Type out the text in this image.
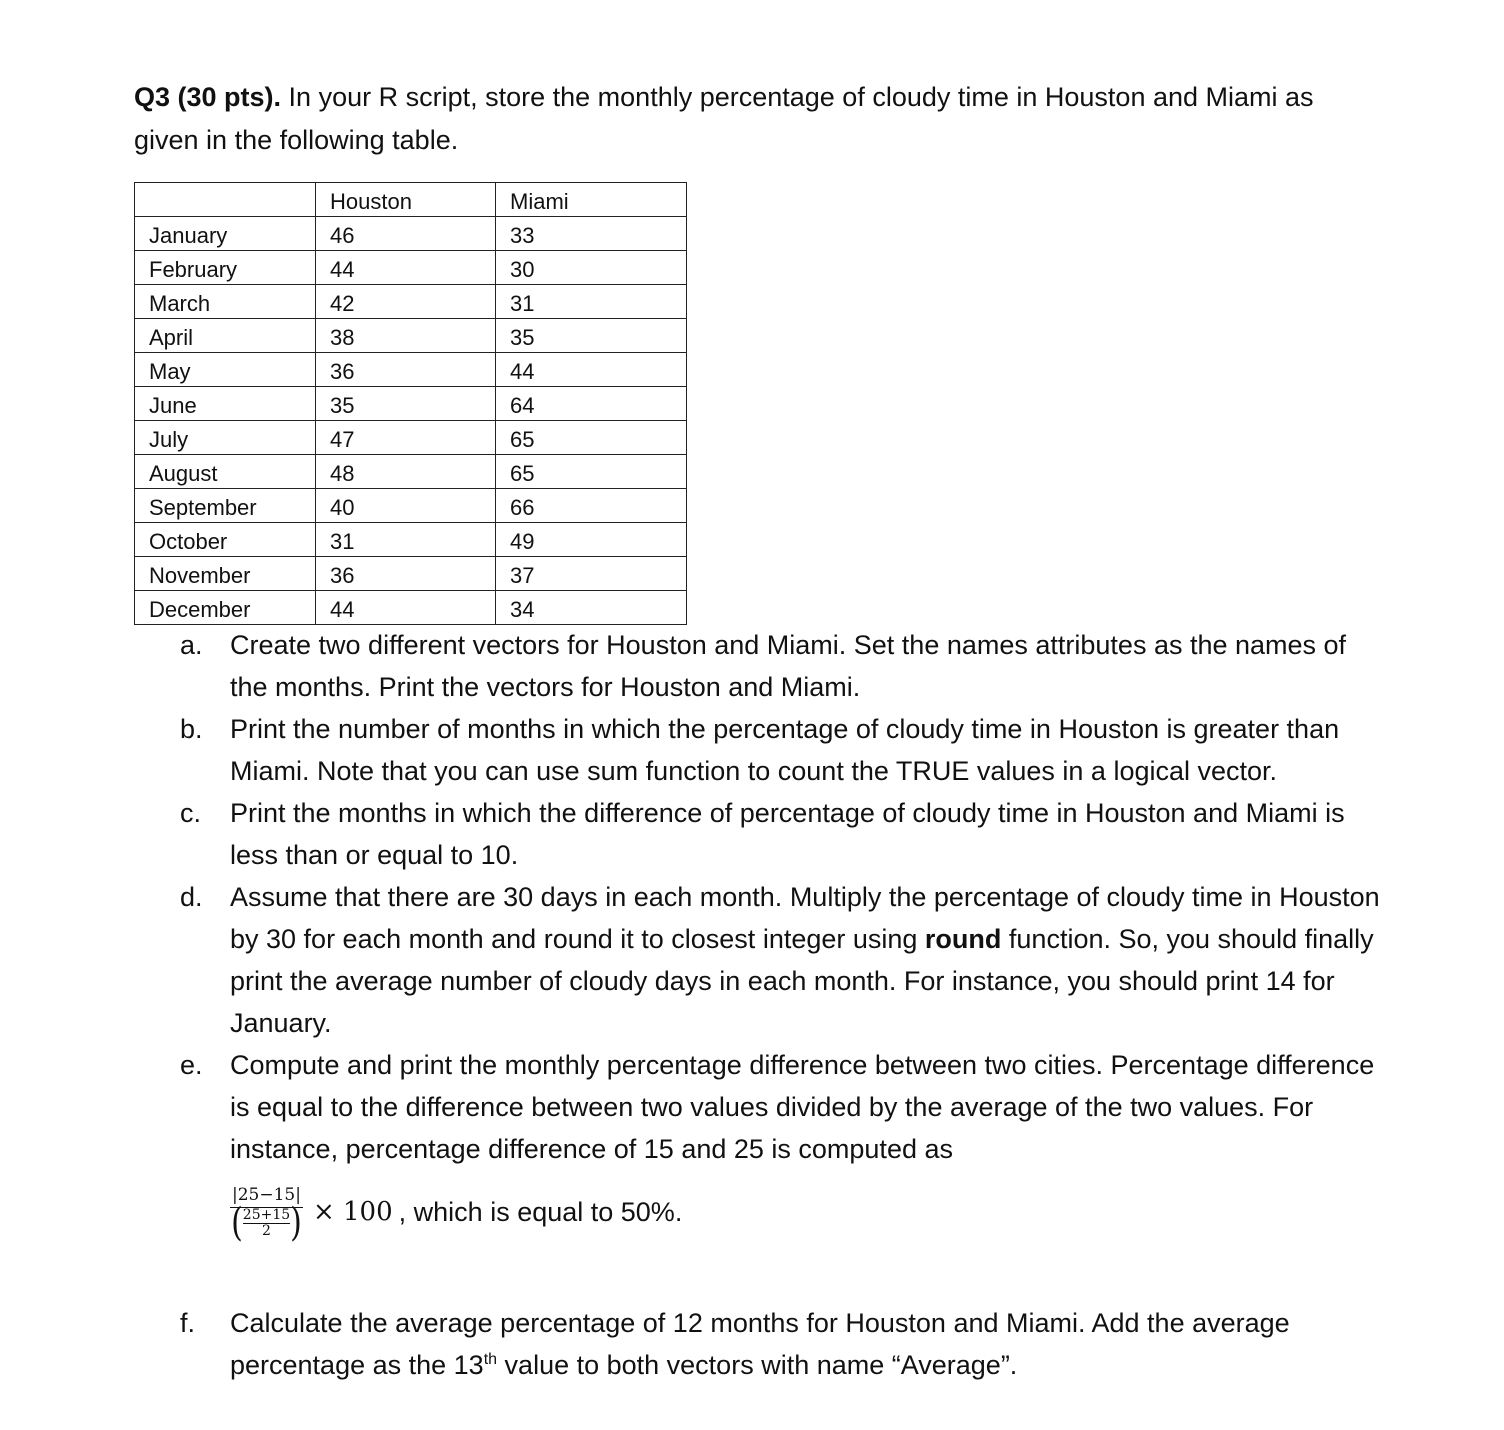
Q3 (30 pts). In your R script, store the monthly percentage of cloudy time in Houston and Miami as given in the following table.
	Houston	Miami
January	46	33
February	44	30
March	42	31
April	38	35
May	36	44
June	35	64
July	47	65
August	48	65
September	40	66
October	31	49
November	36	37
December	44	34
a. Create two different vectors for Houston and Miami. Set the names attributes as the names of the months. Print the vectors for Houston and Miami.
b. Print the number of months in which the percentage of cloudy time in Houston is greater than Miami. Note that you can use sum function to count the TRUE values in a logical vector.
c. Print the months in which the difference of percentage of cloudy time in Houston and Miami is less than or equal to 10.
d. Assume that there are 30 days in each month. Multiply the percentage of cloudy time in Houston by 30 for each month and round it to closest integer using round function. So, you should finally print the average number of cloudy days in each month. For instance, you should print 14 for January.
e. Compute and print the monthly percentage difference between two cities. Percentage difference is equal to the difference between two values divided by the average of the two values. For instance, percentage difference of 15 and 25 is computed as
|25−15|
( $\frac{25+15}{2}$ ) × 100 , which is equal to 50%.
f. Calculate the average percentage of 12 months for Houston and Miami. Add the average percentage as the 13th value to both vectors with name “Average”.
